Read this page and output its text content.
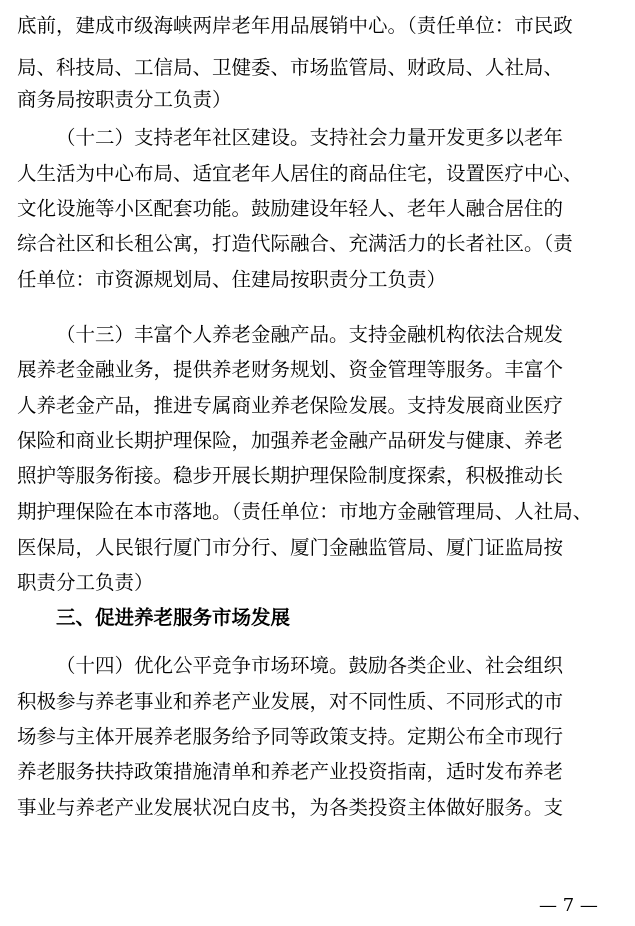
底前，建成市级海峡两岸老年用品展销中心。（责任单位：市民政
局、科技局、工信局、卫健委、市场监管局、财政局、人社局、
商务局按职责分工负责）
（十二）支持老年社区建设。支持社会力量开发更多以老年
人生活为中心布局、适宜老年人居住的商品住宅，设置医疗中心、
文化设施等小区配套功能。鼓励建设年轻人、老年人融合居住的
综合社区和长租公寓，打造代际融合、充满活力的长者社区。（责
任单位：市资源规划局、住建局按职责分工负责）
（十三）丰富个人养老金融产品。支持金融机构依法合规发
展养老金融业务，提供养老财务规划、资金管理等服务。丰富个
人养老金产品，推进专属商业养老保险发展。支持发展商业医疗
保险和商业长期护理保险，加强养老金融产品研发与健康、养老
照护等服务衔接。稳步开展长期护理保险制度探索，积极推动长
期护理保险在本市落地。（责任单位：市地方金融管理局、人社局、
医保局，人民银行厦门市分行、厦门金融监管局、厦门证监局按
职责分工负责）
三、促进养老服务市场发展
（十四）优化公平竞争市场环境。鼓励各类企业、社会组织
积极参与养老事业和养老产业发展，对不同性质、不同形式的市
场参与主体开展养老服务给予同等政策支持。定期公布全市现行
养老服务扶持政策措施清单和养老产业投资指南，适时发布养老
事业与养老产业发展状况白皮书，为各类投资主体做好服务。支
— 7 —
